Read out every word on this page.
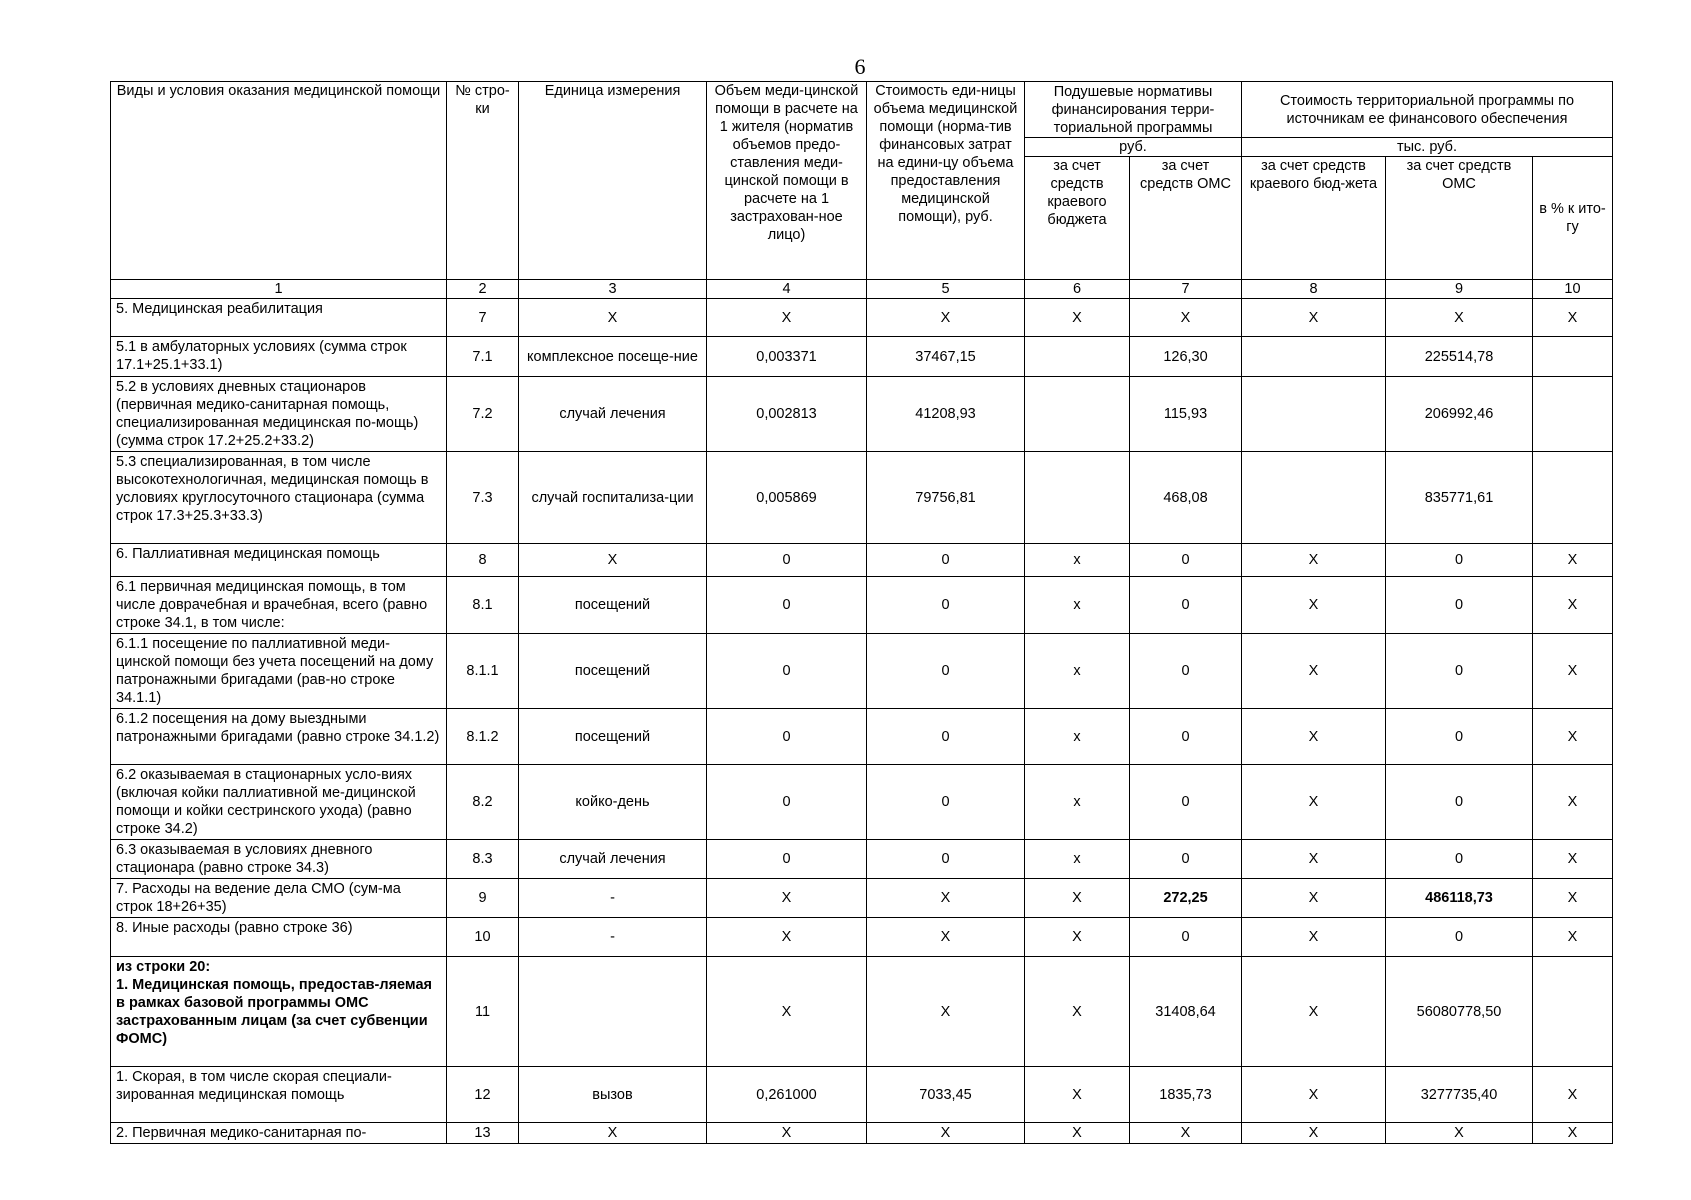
6
Виды и условия оказания медицинской помощи	№ стро-ки	Единица измерения	Объем меди-цинской помощи в расчете на 1 жителя (норматив объемов предо-ставления меди-цинской помощи в расчете на 1 застрахован-ное лицо)	Стоимость еди-ницы объема медицинской помощи (норма-тив финансовых затрат на едини-цу объема предоставления медицинской помощи), руб.	Подушевые нормативы финансирования терри-ториальной программы		Стоимость территориальной программы по источникам ее финансового обеспечения		
					руб.		тыс. руб.		
					за счет средств краевого бюджета	за счет средств ОМС	за счет средств краевого бюд-жета	за счет средств ОМС	в % к ито-гу
1	2	3	4	5	6	7	8	9	10
5. Медицинская реабилитация	7	Х	Х	Х	Х	Х	Х	Х	Х
5.1 в амбулаторных условиях (сумма строк 17.1+25.1+33.1)	7.1	комплексное посеще-ние	0,003371	37467,15		126,30		225514,78	
5.2 в условиях дневных стационаров (первичная медико-санитарная помощь, специализированная медицинская по-мощь) (сумма строк 17.2+25.2+33.2)	7.2	случай лечения	0,002813	41208,93		115,93		206992,46	
5.3 специализированная, в том числе высокотехнологичная, медицинская помощь в условиях круглосуточного стационара (сумма строк 17.3+25.3+33.3)	7.3	случай госпитализа-ции	0,005869	79756,81		468,08		835771,61	
6. Паллиативная медицинская помощь	8	Х	0	0	х	0	Х	0	Х
6.1 первичная медицинская помощь, в том числе доврачебная и врачебная, всего (равно строке 34.1, в том числе:	8.1	посещений	0	0	х	0	Х	0	Х
6.1.1 посещение по паллиативной меди-цинской помощи без учета посещений на дому патронажными бригадами (рав-но строке 34.1.1)	8.1.1	посещений	0	0	х	0	Х	0	Х
6.1.2 посещения на дому выездными патронажными бригадами (равно строке 34.1.2)	8.1.2	посещений	0	0	х	0	Х	0	Х
6.2 оказываемая в стационарных усло-виях (включая койки паллиативной ме-дицинской помощи и койки сестринского ухода) (равно строке 34.2)	8.2	койко-день	0	0	х	0	Х	0	Х
6.3 оказываемая в условиях дневного стационара (равно строке 34.3)	8.3	случай лечения	0	0	х	0	Х	0	Х
7. Расходы на ведение дела СМО (сум-ма строк 18+26+35)	9	-	Х	Х	Х	272,25	Х	486118,73	Х
8. Иные расходы (равно строке 36)	10	-	Х	Х	Х	0	Х	0	Х
из строки 20:
1. Медицинская помощь, предостав-ляемая в рамках базовой программы ОМС застрахованным лицам (за счет субвенции ФОМС)	11		Х	Х	Х	31408,64	Х	56080778,50	
1. Скорая, в том числе скорая специали-зированная медицинская помощь	12	вызов	0,261000	7033,45	Х	1835,73	Х	3277735,40	Х
2. Первичная медико-санитарная по-	13	Х	Х	Х	Х	Х	Х	Х	Х
